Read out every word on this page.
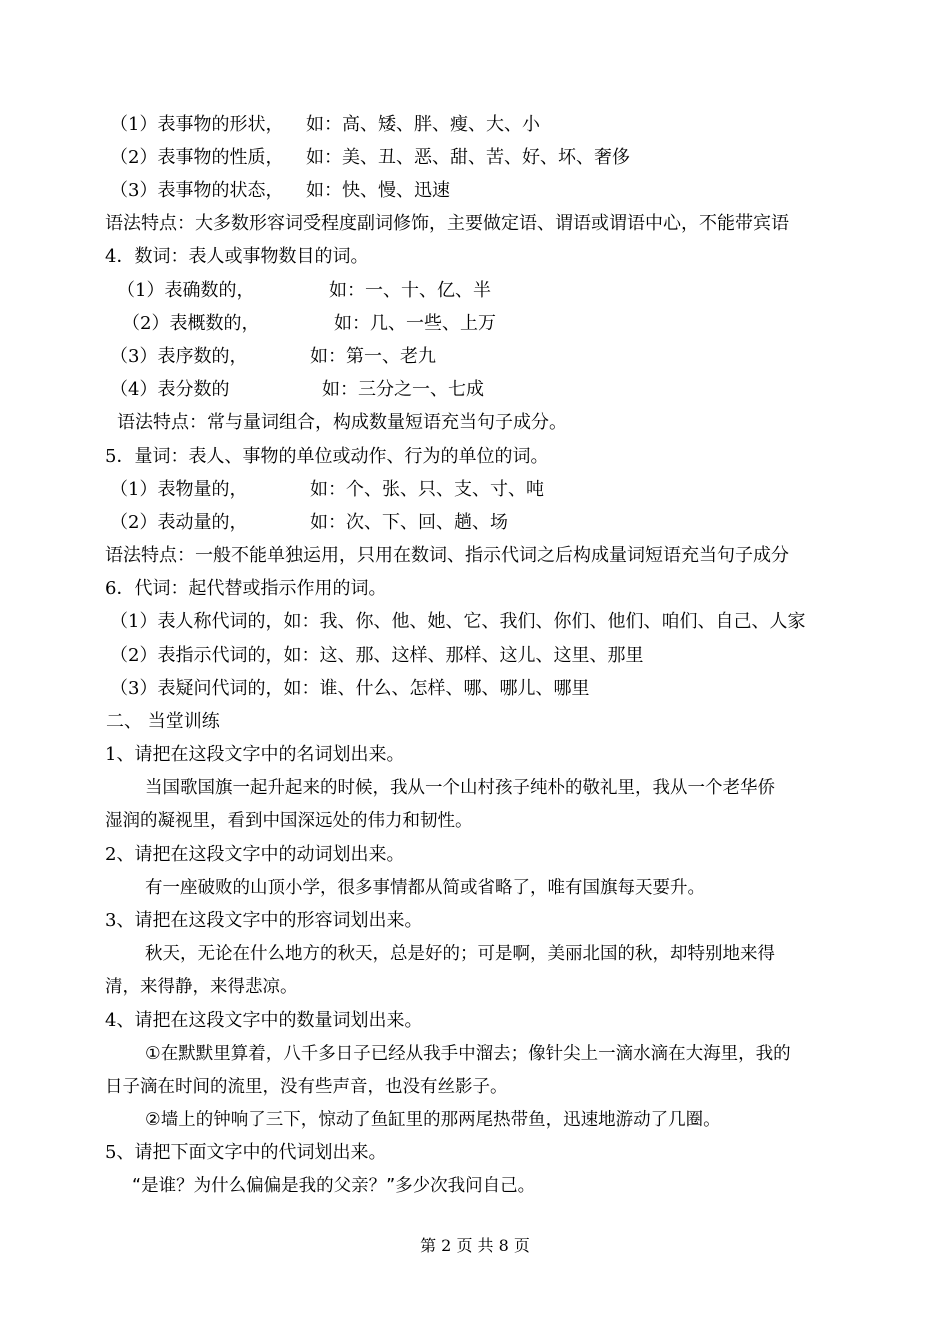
（1）表事物的形状， 如：高、矮、胖、瘦、大、小
（2）表事物的性质， 如：美、丑、恶、甜、苦、好、坏、奢侈
（3）表事物的状态， 如：快、慢、迅速
语法特点：大多数形容词受程度副词修饰，主要做定语、谓语或谓语中心，不能带宾语
4．数词：表人或事物数目的词。
（1）表确数的，	如：一、十、亿、半
（2）表概数的，	如：几、一些、上万
（3）表序数的，	如：第一、老九
（4）表分数的	如：三分之一、七成
语法特点：常与量词组合，构成数量短语充当句子成分。
5．量词：表人、事物的单位或动作、行为的单位的词。
（1）表物量的，	如：个、张、只、支、寸、吨
（2）表动量的，	如：次、下、回、趟、场
语法特点：一般不能单独运用，只用在数词、指示代词之后构成量词短语充当句子成分
6．代词：起代替或指示作用的词。
（1）表人称代词的，如：我、你、他、她、它、我们、你们、他们、咱们、自己、人家
（2）表指示代词的，如：这、那、这样、那样、这儿、这里、那里
（3）表疑问代词的，如：谁、什么、怎样、哪、哪儿、哪里
二、 当堂训练
1、请把在这段文字中的名词划出来。
当国歌国旗一起升起来的时候，我从一个山村孩子纯朴的敬礼里，我从一个老华侨
湿润的凝视里，看到中国深远处的伟力和韧性。
2、请把在这段文字中的动词划出来。
有一座破败的山顶小学，很多事情都从简或省略了，唯有国旗每天要升。
3、请把在这段文字中的形容词划出来。
秋天，无论在什么地方的秋天，总是好的；可是啊，美丽北国的秋，却特别地来得
清，来得静，来得悲凉。
4、请把在这段文字中的数量词划出来。
①在默默里算着，八千多日子已经从我手中溜去；像针尖上一滴水滴在大海里，我的
日子滴在时间的流里，没有些声音，也没有丝影子。
②墙上的钟响了三下，惊动了鱼缸里的那两尾热带鱼，迅速地游动了几圈。
5、请把下面文字中的代词划出来。
“是谁？为什么偏偏是我的父亲？”多少次我问自己。
第 2 页 共 8 页
